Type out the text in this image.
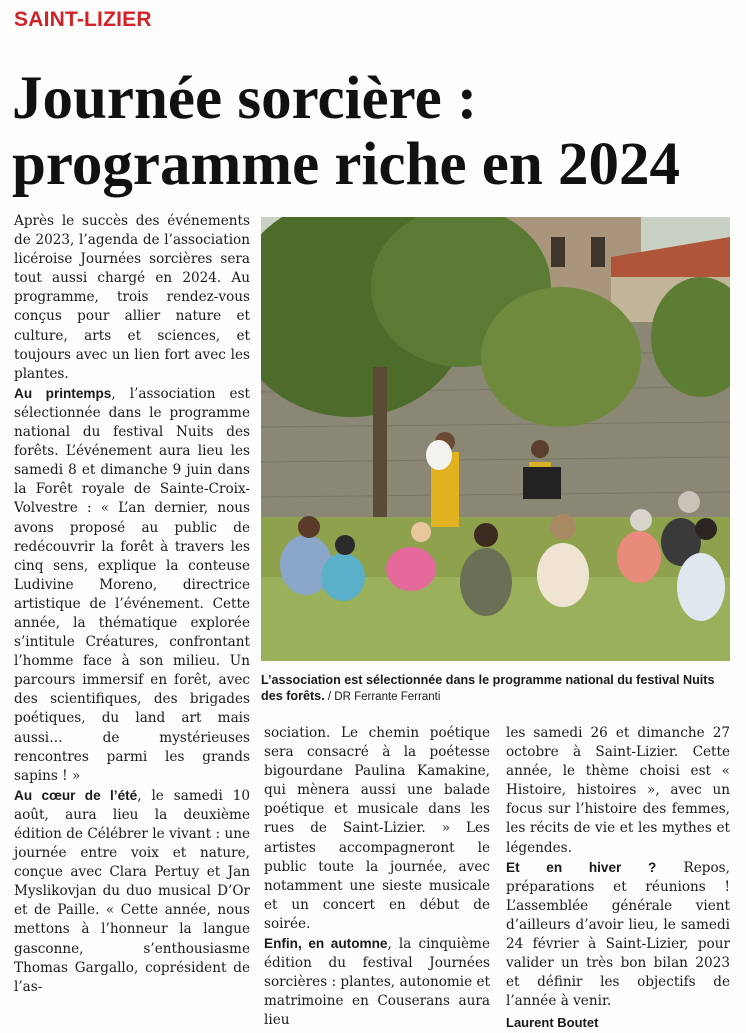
SAINT-LIZIER
Journée sorcière :
programme riche en 2024

Après le succès des événements de 2023, l’agenda de l’association licéroise Journées sorcières sera tout aussi chargé en 2024. Au programme, trois rendez-vous conçus pour allier nature et culture, arts et sciences, et toujours avec un lien fort avec les plantes.

Au printemps, l’association est sélectionnée dans le programme national du festival Nuits des forêts. L’événement aura lieu les samedi 8 et dimanche 9 juin dans la Forêt royale de Sainte-Croix-Volvestre : « L’an dernier, nous avons proposé au public de redécouvrir la forêt à travers les cinq sens, explique la conteuse Ludivine Moreno, directrice artistique de l’événement. Cette année, la thématique explorée s’intitule Créatures, confrontant l’homme face à son milieu. Un parcours immersif en forêt, avec des scientifiques, des brigades poétiques, du land art mais aussi… de mystérieuses rencontres parmi les grands sapins ! »

Au cœur de l’été, le samedi 10 août, aura lieu la deuxième édition de Célébrer le vivant : une journée entre voix et nature, conçue avec Clara Pertuy et Jan Myslikovjan du duo musical D’Or et de Paille. « Cette année, nous mettons à l’honneur la langue gasconne, s’enthousiasme Thomas Gargallo, coprésident de l’as-

L’association est sélectionnée dans le programme national du festival Nuits des forêts. / DR Ferrante Ferranti

sociation. Le chemin poétique sera consacré à la poétesse bigourdane Paulina Kamakine, qui mènera aussi une balade poétique et musicale dans les rues de Saint-Lizier. » Les artistes accompagneront le public toute la journée, avec notamment une sieste musicale et un concert en début de soirée.

Enfin, en automne, la cinquième édition du festival Journées sorcières : plantes, autonomie et matrimoine en Couserans aura lieu

les samedi 26 et dimanche 27 octobre à Saint-Lizier. Cette année, le thème choisi est « Histoire, histoires », avec un focus sur l’histoire des femmes, les récits de vie et les mythes et légendes.

Et en hiver ? Repos, préparations et réunions ! L’assemblée générale vient d’ailleurs d’avoir lieu, le samedi 24 février à Saint-Lizier, pour valider un très bon bilan 2023 et définir les objectifs de l’année à venir.

Laurent Boutet
